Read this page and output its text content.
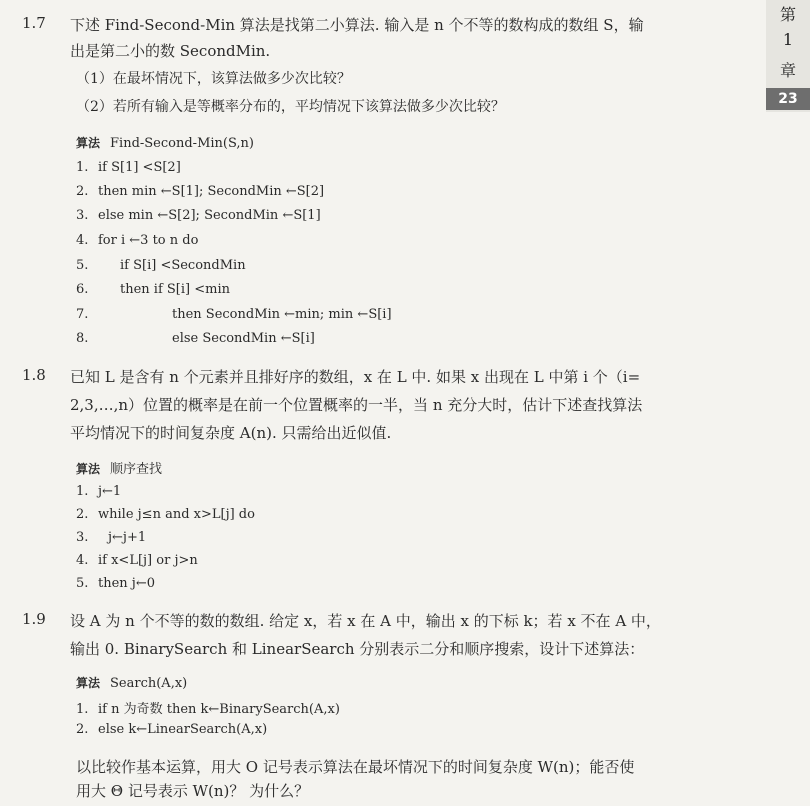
第
1
章
23
1.7 下述 Find-Second-Min 算法是找第二小算法. 输入是 n 个不等的数构成的数组 S，输
出是第二小的数 SecondMin.
（1）在最坏情况下，该算法做多少次比较？
（2）若所有输入是等概率分布的，平均情况下该算法做多少次比较？
算法 Find-Second-Min(S,n)
1. if S[1] <S[2]
2. then min ←S[1]; SecondMin ←S[2]
3. else min ←S[2]; SecondMin ←S[1]
4. for i ←3 to n do
5. if S[i] <SecondMin
6. then if S[i] <min
7.	then SecondMin ←min; min ←S[i]
8.	else SecondMin ←S[i]
1.8 已知 L 是含有 n 个元素并且排好序的数组，x 在 L 中. 如果 x 出现在 L 中第 i 个（i=
2,3,…,n）位置的概率是在前一个位置概率的一半，当 n 充分大时，估计下述查找算法
平均情况下的时间复杂度 A(n). 只需给出近似值.
算法 顺序查找
1. j←1
2. while j≤n and x>L[j] do
3. j←j+1
4. if x<L[j] or j>n
5. then j←0
1.9 设 A 为 n 个不等的数的数组. 给定 x，若 x 在 A 中，输出 x 的下标 k；若 x 不在 A 中，
输出 0. BinarySearch 和 LinearSearch 分别表示二分和顺序搜索，设计下述算法：
算法 Search(A,x)
1. if n 为奇数 then k←BinarySearch(A,x)
2. else k←LinearSearch(A,x)
以比较作基本运算，用大 O 记号表示算法在最坏情况下的时间复杂度 W(n)；能否使
用大 Θ 记号表示 W(n)？ 为什么？
